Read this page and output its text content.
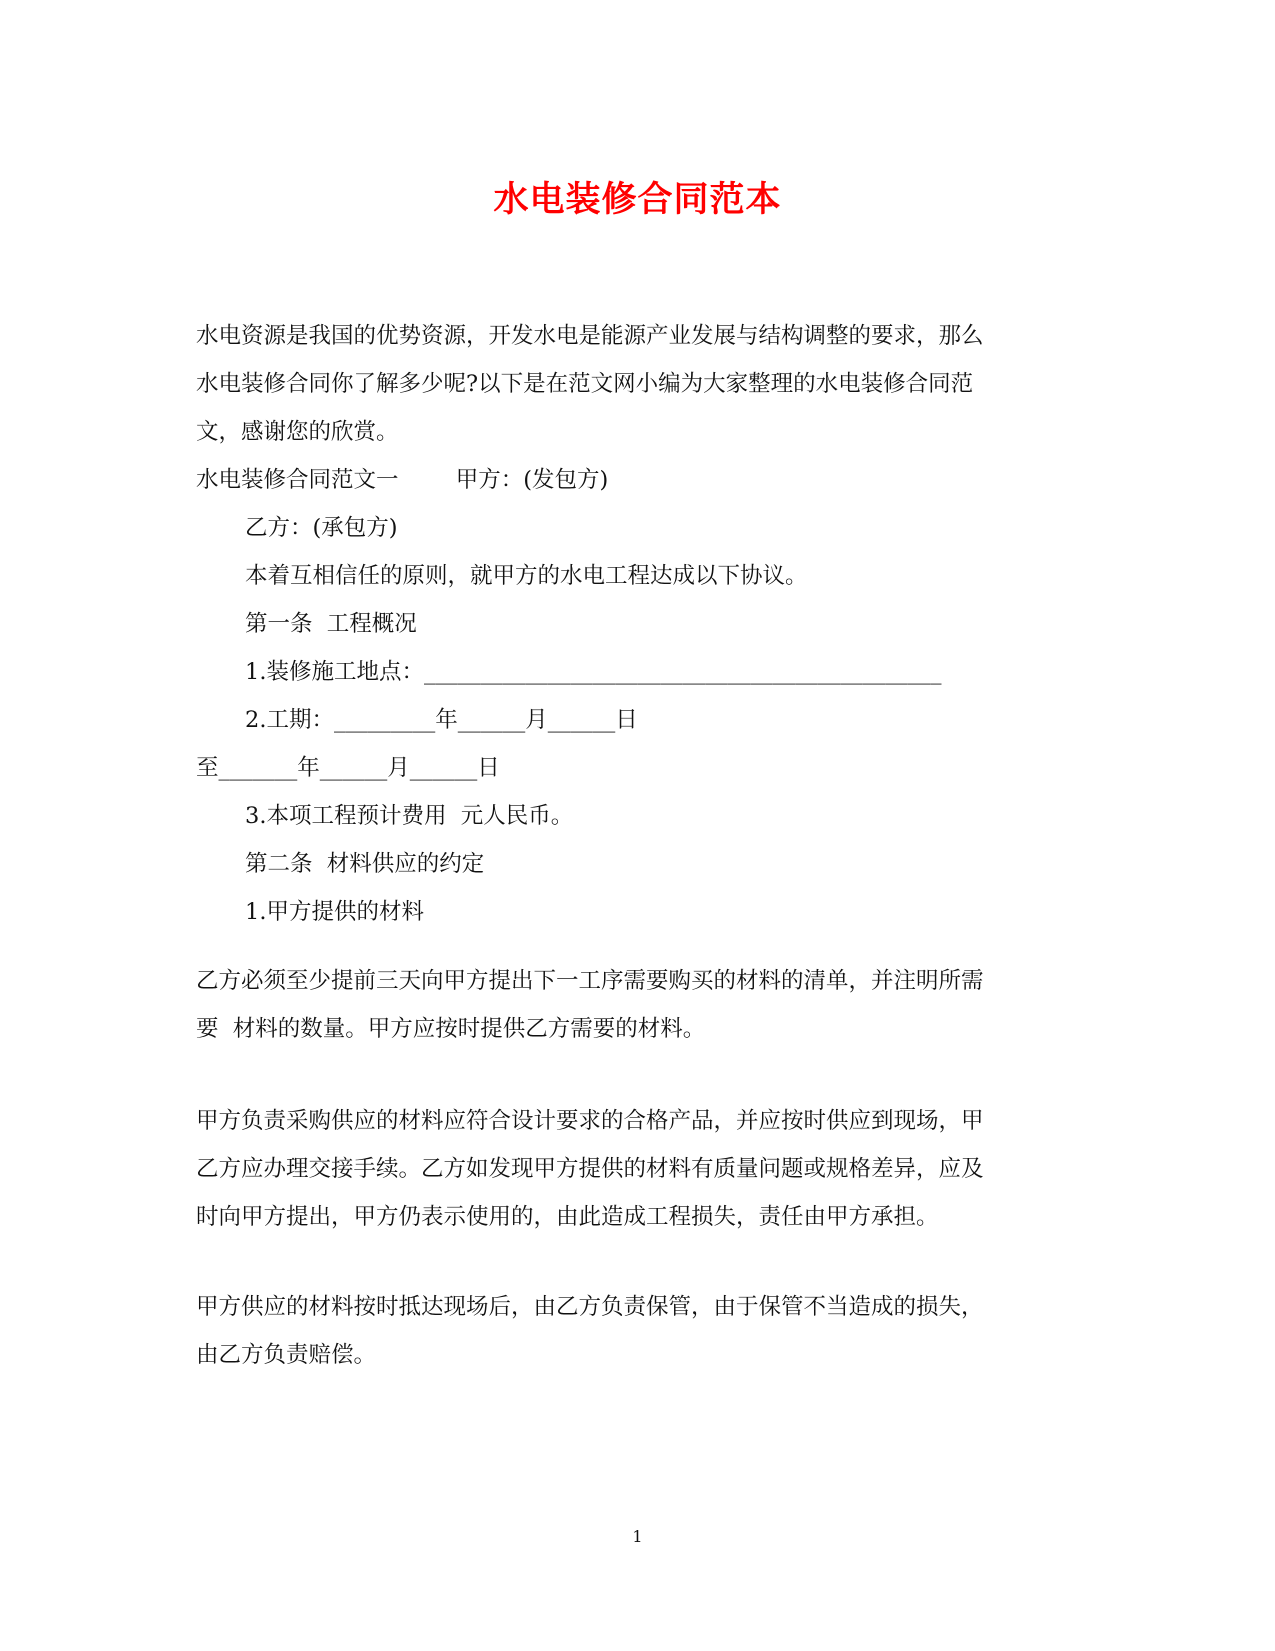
水电装修合同范本

水电资源是我国的优势资源，开发水电是能源产业发展与结构调整的要求，那么

水电装修合同你了解多少呢?以下是在范文网小编为大家整理的水电装修合同范

文，感谢您的欣赏。

水电装修合同范文一        甲方：(发包方)

乙方：(承包方)

本着互相信任的原则，就甲方的水电工程达成以下协议。

第一条  工程概况

1.装修施工地点：______________________________________________

2.工期：_________年______月______日

至_______年______月______日

3.本项工程预计费用  元人民币。

第二条  材料供应的约定

1.甲方提供的材料

乙方必须至少提前三天向甲方提出下一工序需要购买的材料的清单，并注明所需

要  材料的数量。甲方应按时提供乙方需要的材料。

甲方负责采购供应的材料应符合设计要求的合格产品，并应按时供应到现场，甲

乙方应办理交接手续。乙方如发现甲方提供的材料有质量问题或规格差异，应及

时向甲方提出，甲方仍表示使用的，由此造成工程损失，责任由甲方承担。

甲方供应的材料按时抵达现场后，由乙方负责保管，由于保管不当造成的损失，

由乙方负责赔偿。

1
